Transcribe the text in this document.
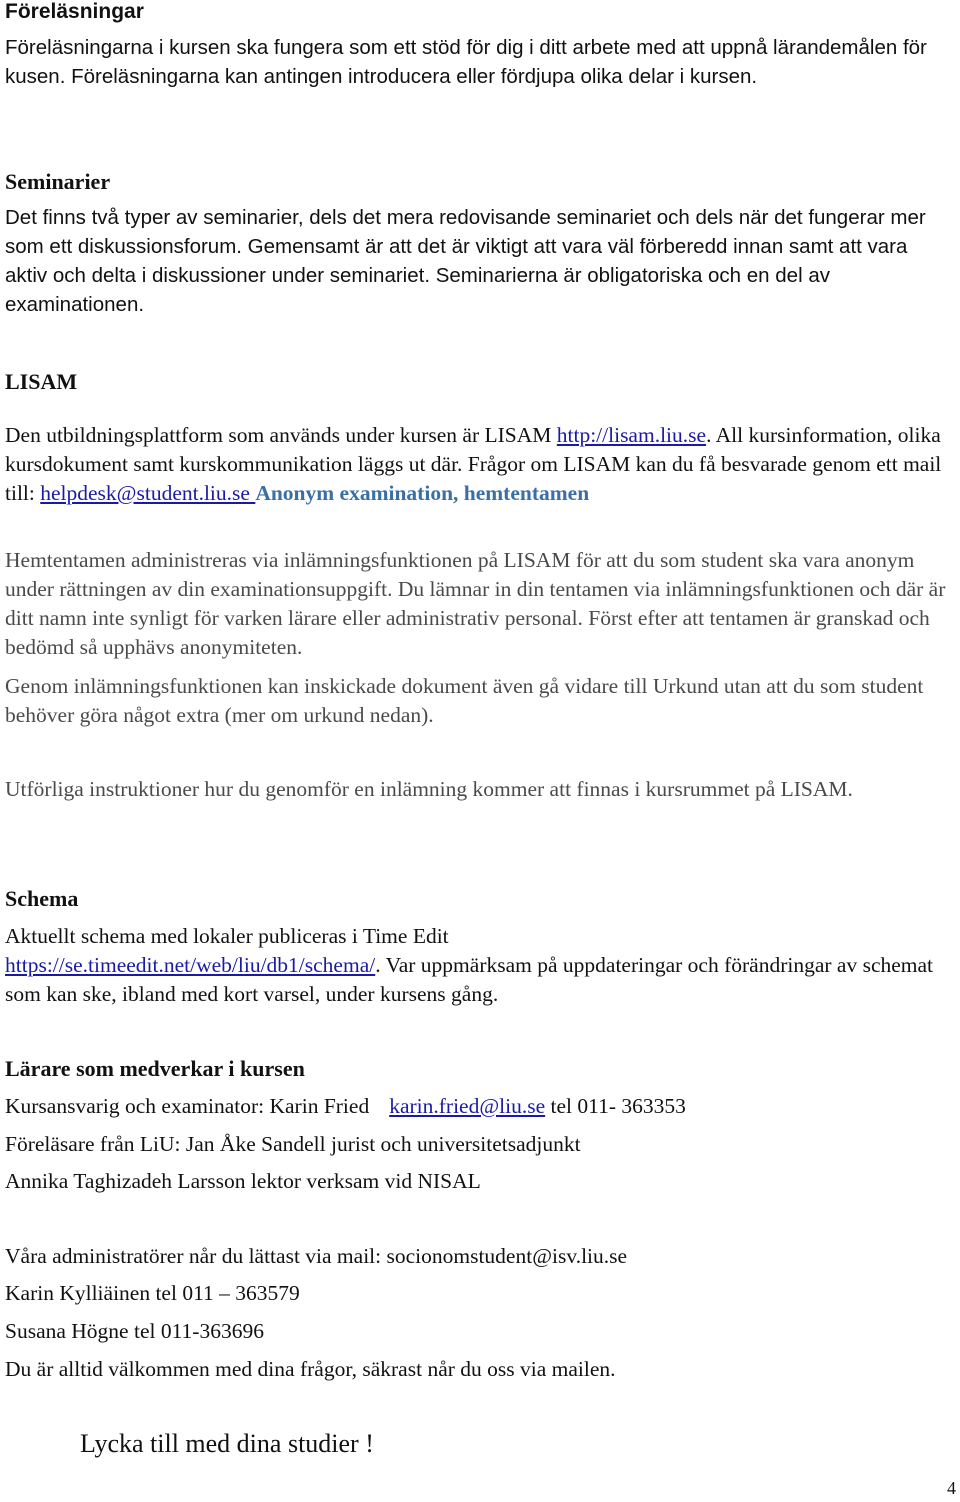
Föreläsningar

Föreläsningarna i kursen ska fungera som ett stöd för dig i ditt arbete med att uppnå lärandemålen för kusen. Föreläsningarna kan antingen introducera eller fördjupa olika delar i kursen.

Seminarier

Det finns två typer av seminarier, dels det mera redovisande seminariet och dels när det fungerar mer som ett diskussionsforum. Gemensamt är att det är viktigt att vara väl förberedd innan samt att vara aktiv och delta i diskussioner under seminariet. Seminarierna är obligatoriska och en del av examinationen.

LISAM

Den utbildningsplattform som används under kursen är LISAM http://lisam.liu.se. All kursinformation, olika kursdokument samt kurskommunikation läggs ut där. Frågor om LISAM kan du få besvarade genom ett mail till: helpdesk@student.liu.se Anonym examination, hemtentamen

Hemtentamen administreras via inlämningsfunktionen på LISAM för att du som student ska vara anonym under rättningen av din examinationsuppgift. Du lämnar in din tentamen via inlämningsfunktionen och där är ditt namn inte synligt för varken lärare eller administrativ personal. Först efter att tentamen är granskad och bedömd så upphävs anonymiteten.

Genom inlämningsfunktionen kan inskickade dokument även gå vidare till Urkund utan att du som student behöver göra något extra (mer om urkund nedan).

Utförliga instruktioner hur du genomför en inlämning kommer att finnas i kursrummet på LISAM.

Schema

Aktuellt schema med lokaler publiceras i Time Edit
https://se.timeedit.net/web/liu/db1/schema/. Var uppmärksam på uppdateringar och förändringar av schemat som kan ske, ibland med kort varsel, under kursens gång.

Lärare som medverkar i kursen

Kursansvarig och examinator: Karin Fried karin.fried@liu.se tel 011- 363353

Föreläsare från LiU: Jan Åke Sandell jurist och universitetsadjunkt

Annika Taghizadeh Larsson lektor verksam vid NISAL

Våra administratörer når du lättast via mail: socionomstudent@isv.liu.se

Karin Kylliäinen tel 011 – 363579

Susana Högne tel 011-363696

Du är alltid välkommen med dina frågor, säkrast når du oss via mailen.

Lycka till med dina studier !
4
